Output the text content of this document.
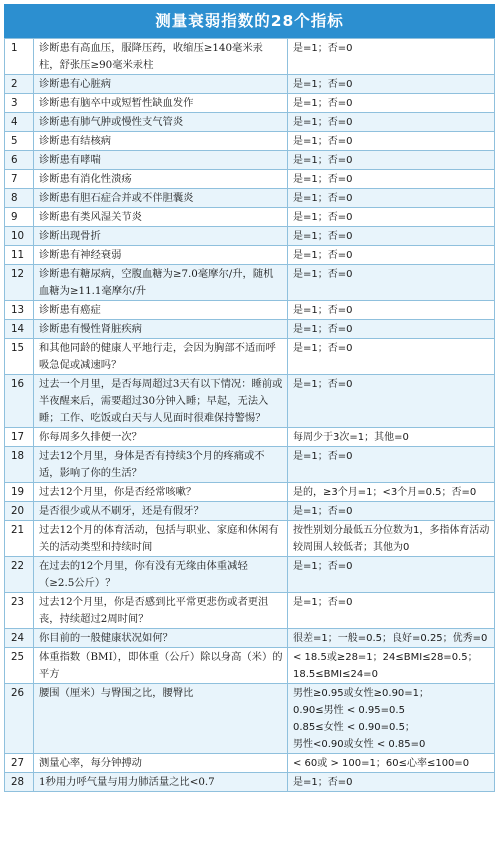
测量衰弱指数的28个指标
1	诊断患有高血压，服降压药，收缩压≥140毫米汞柱，舒张压≥90毫米汞柱	是=1；否=0

2	诊断患有心脏病	是=1；否=0

3	诊断患有脑卒中或短暂性缺血发作	是=1；否=0

4	诊断患有肺气肿或慢性支气管炎	是=1；否=0

5	诊断患有结核病	是=1；否=0

6	诊断患有哮喘	是=1；否=0

7	诊断患有消化性溃疡	是=1；否=0

8	诊断患有胆石症合并或不伴胆囊炎	是=1；否=0

9	诊断患有类风湿关节炎	是=1；否=0

10	诊断出现骨折	是=1；否=0

11	诊断患有神经衰弱	是=1；否=0

12	诊断患有糖尿病，空腹血糖为≥7.0毫摩尔/升，随机血糖为≥11.1毫摩尔/升	是=1；否=0

13	诊断患有癌症	是=1；否=0

14	诊断患有慢性肾脏疾病	是=1；否=0

15	和其他同龄的健康人平地行走，会因为胸部不适而呼吸急促或减速吗？	是=1；否=0

16	过去一个月里，是否每周超过3天有以下情况：睡前或半夜醒来后，需要超过30分钟入睡；早起，无法入睡；工作、吃饭或白天与人见面时很难保持警惕？	是=1；否=0

17	你每周多久排便一次？	每周少于3次=1；其他=0

18	过去12个月里，身体是否有持续3个月的疼痛或不适，影响了你的生活？	是=1；否=0

19	过去12个月里，你是否经常咳嗽？	是的，≥3个月=1；<3个月=0.5；否=0

20	是否很少或从不刷牙，还是有假牙？	是=1；否=0

21	过去12个月的体育活动，包括与职业、家庭和休闲有关的活动类型和持续时间	按性别划分最低五分位数为1，多指体育活动较周围人较低者；其他为0

22	在过去的12个月里，你有没有无缘由体重减轻（≥2.5公斤）？	是=1；否=0

23	过去12个月里，你是否感到比平常更悲伤或者更沮丧，持续超过2周时间？	是=1；否=0

24	你目前的一般健康状况如何？	很差=1；一般=0.5；良好=0.25；优秀=0

25	体重指数（BMI），即体重（公斤）除以身高（米）的平方	< 18.5或≥28=1；24≤BMI≤28=0.5；
18.5≤BMI≤24=0

26	腰围（厘米）与臀围之比，腰臀比	男性≥0.95或女性≥0.90=1；
0.90≤男性 < 0.95=0.5
0.85≤女性 < 0.90=0.5；
男性<0.90或女性 < 0.85=0

27	测量心率，每分钟搏动	< 60或 > 100=1；60≤心率≤100=0

28	1秒用力呼气量与用力肺活量之比<0.7	是=1；否=0
